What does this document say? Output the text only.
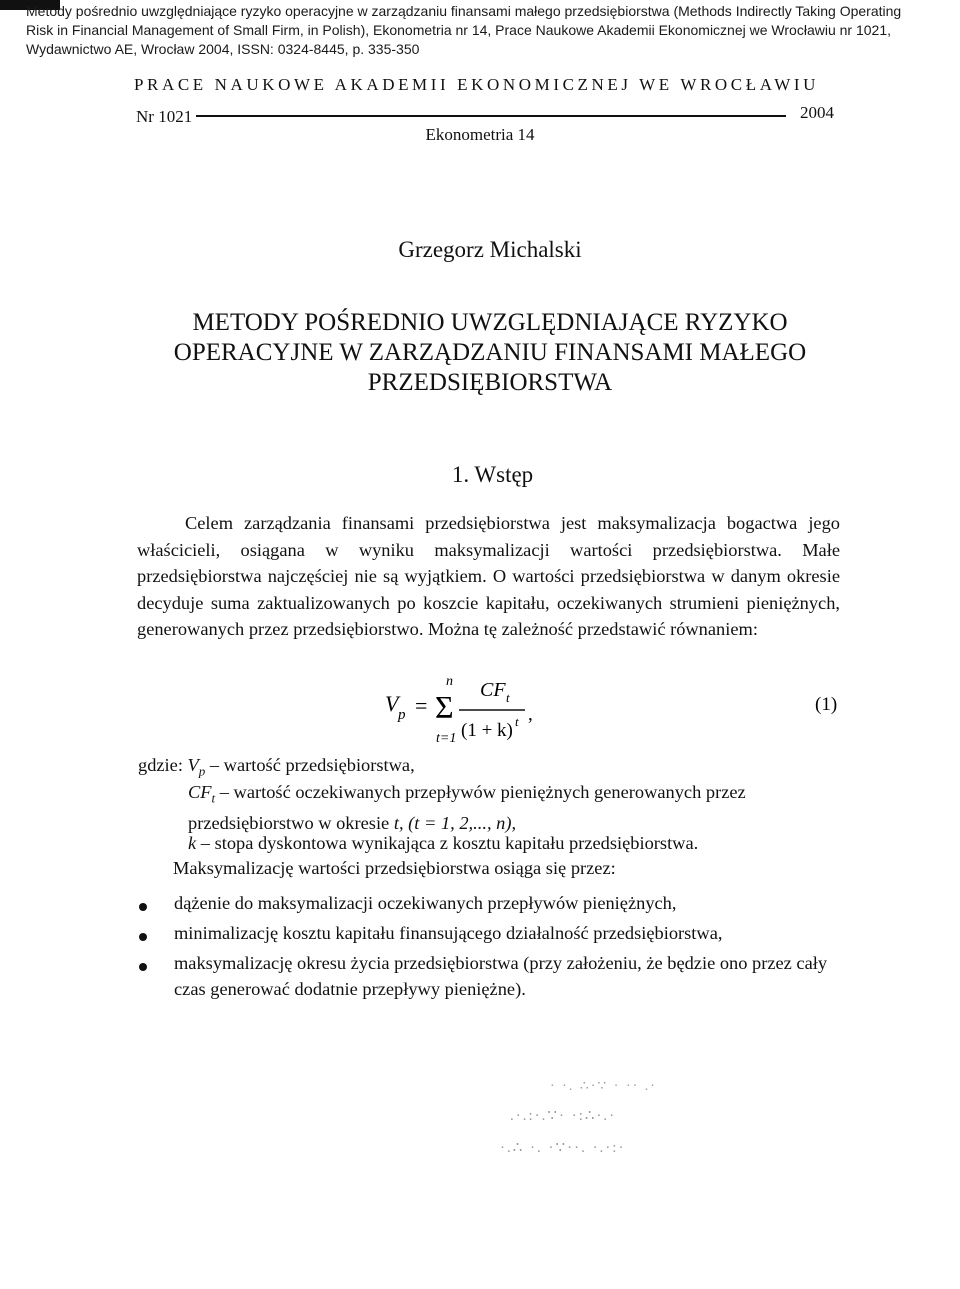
Metody pośrednio uwzględniające ryzyko operacyjne w zarządzaniu finansami małego przedsiębiorstwa (Methods Indirectly Taking Operating Risk in Financial Management of Small Firm, in Polish), Ekonometria nr 14, Prace Naukowe Akademii Ekonomicznej we Wrocławiu nr 1021, Wydawnictwo AE, Wrocław 2004, ISSN: 0324-8445, p. 335-350
PRACE NAUKOWE AKADEMII EKONOMICZNEJ WE WROCŁAWIU
Nr 1021	2004
Ekonometria 14
Grzegorz Michalski
METODY POŚREDNIO UWZGLĘDNIAJĄCE RYZYKO
OPERACYJNE W ZARZĄDZANIU FINANSAMI MAŁEGO
PRZEDSIĘBIORSTWA
1. Wstęp
Celem zarządzania finansami przedsiębiorstwa jest maksymalizacja bogactwa jego właścicieli, osiągana w wyniku maksymalizacji wartości przedsiębiorstwa. Małe przedsiębiorstwa najczęściej nie są wyjątkiem. O wartości przedsiębiorstwa w danym okresie decyduje suma zaktualizowanych po koszcie kapitału, oczekiwanych strumieni pieniężnych, generowanych przez przedsiębiorstwo. Można tę zależność przedstawić równaniem:
V p = Σ
n
t=1
CF t
(1 + k) t ,	(1)
gdzie: $V_p$ – wartość przedsiębiorstwa,
$CF_t$ – wartość oczekiwanych przepływów pieniężnych generowanych przez przedsiębiorstwo w okresie t, (t = 1, 2,..., n),
k – stopa dyskontowa wynikająca z kosztu kapitału przedsiębiorstwa.
Maksymalizację wartości przedsiębiorstwa osiąga się przez:
dążenie do maksymalizacji oczekiwanych przepływów pieniężnych,
minimalizację kosztu kapitału finansującego działalność przedsiębiorstwa,
maksymalizację okresu życia przedsiębiorstwa (przy założeniu, że będzie ono przez cały czas generować dodatnie przepływy pieniężne).
· ·. ∴·∵ · ·· .·
.·.:·.∵· ·:∴·.·
·.∴ ·. ·∵··. ·.·:·
